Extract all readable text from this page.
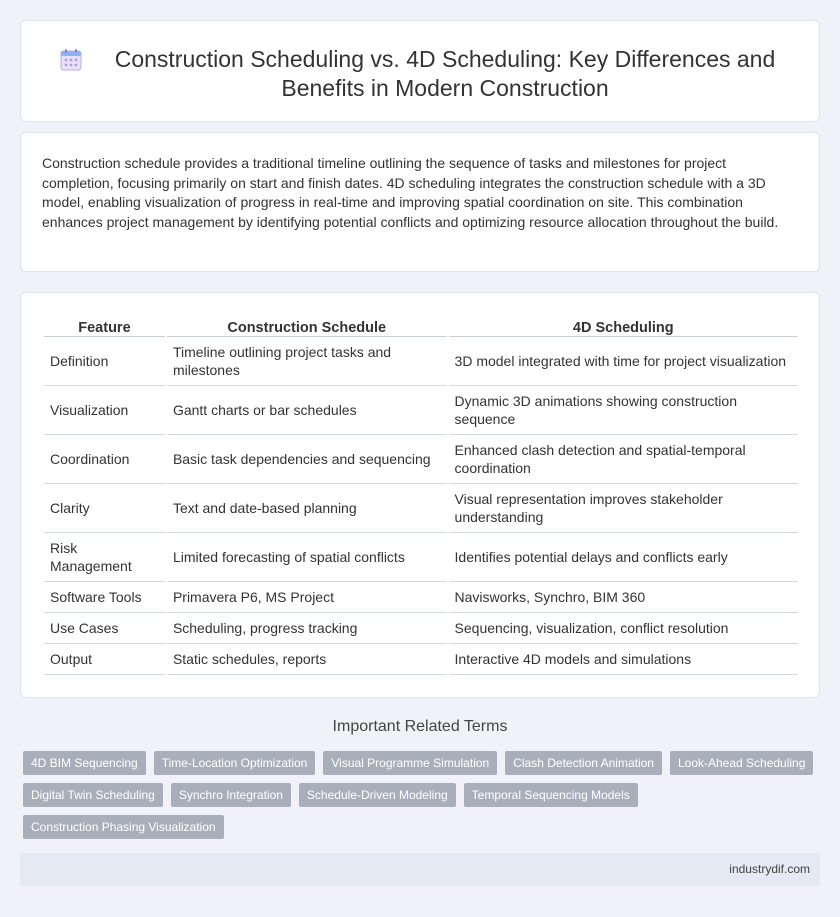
Construction Scheduling vs. 4D Scheduling: Key Differences and Benefits in Modern Construction

Construction schedule provides a traditional timeline outlining the sequence of tasks and milestones for project completion, focusing primarily on start and finish dates. 4D scheduling integrates the construction schedule with a 3D model, enabling visualization of progress in real-time and improving spatial coordination on site. This combination enhances project management by identifying potential conflicts and optimizing resource allocation throughout the build.

Feature	Construction Schedule	4D Scheduling
Definition	Timeline outlining project tasks and milestones	3D model integrated with time for project visualization
Visualization	Gantt charts or bar schedules	Dynamic 3D animations showing construction sequence
Coordination	Basic task dependencies and sequencing	Enhanced clash detection and spatial-temporal coordination
Clarity	Text and date-based planning	Visual representation improves stakeholder understanding
Risk Management	Limited forecasting of spatial conflicts	Identifies potential delays and conflicts early
Software Tools	Primavera P6, MS Project	Navisworks, Synchro, BIM 360
Use Cases	Scheduling, progress tracking	Sequencing, visualization, conflict resolution
Output	Static schedules, reports	Interactive 4D models and simulations
Important Related Terms
4D BIM Sequencing	Time-Location Optimization	Visual Programme Simulation	Clash Detection Animation	Look-Ahead Scheduling
Digital Twin Scheduling	Synchro Integration	Schedule-Driven Modeling	Temporal Sequencing Models
Construction Phasing Visualization
industrydif.com
